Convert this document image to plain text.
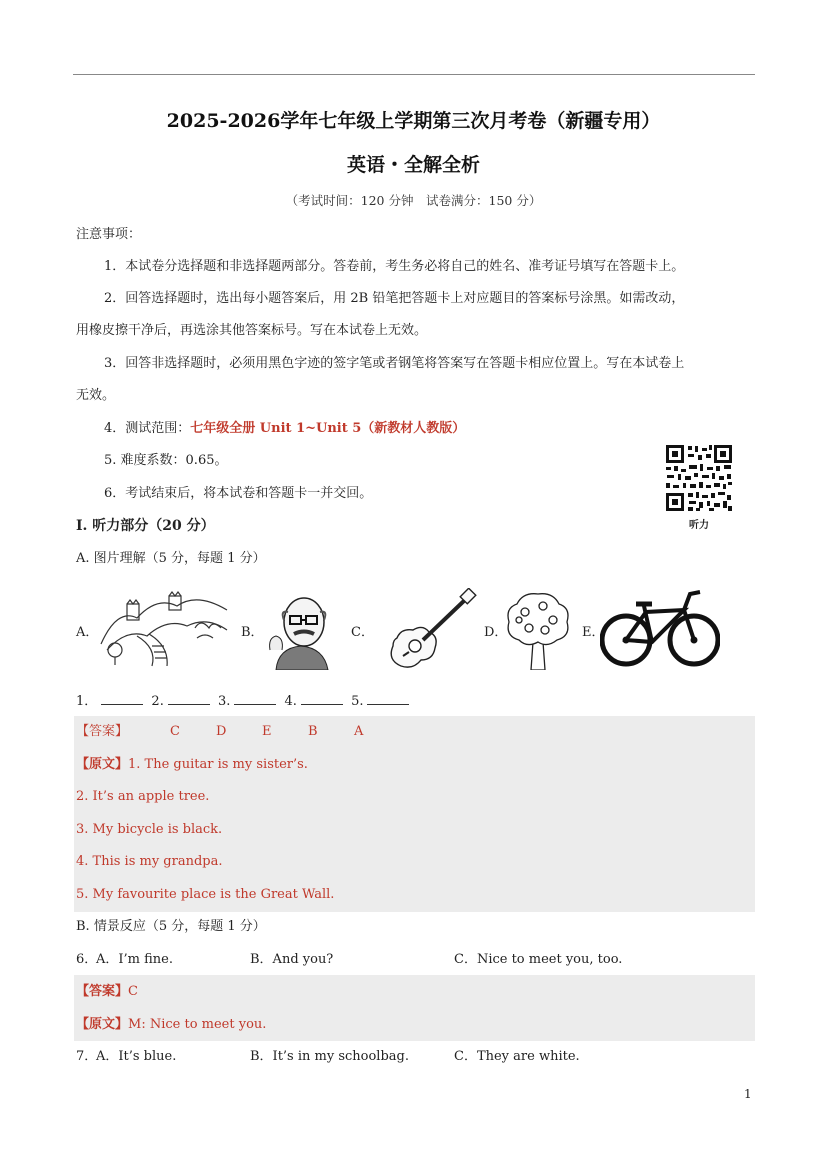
2025-2026学年七年级上学期第三次月考卷（新疆专用）
英语・全解全析
（考试时间：120 分钟　试卷满分：150 分）
注意事项：
1．本试卷分选择题和非选择题两部分。答卷前，考生务必将自己的姓名、准考证号填写在答题卡上。
2．回答选择题时，选出每小题答案后，用 2B 铅笔把答题卡上对应题目的答案标号涂黑。如需改动，
用橡皮擦干净后，再选涂其他答案标号。写在本试卷上无效。
3．回答非选择题时，必须用黑色字迹的签字笔或者钢笔将答案写在答题卡相应位置上。写在本试卷上
无效。
4．测试范围：七年级全册 Unit 1~Unit 5（新教材人教版）
5. 难度系数：0.65。
6．考试结束后，将本试卷和答题卡一并交回。
听力
I. 听力部分（20 分）
A. 图片理解（5 分，每题 1 分）
A．	B．	C．	D．	E．
1．	2.	3.	4.	5.
【答案】	C	D	E	B	A
【原文】1. The guitar is my sister’s.
2. It’s an apple tree.
3. My bicycle is black.
4. This is my grandpa.
5. My favourite place is the Great Wall.
B. 情景反应（5 分，每题 1 分）
6．
A．I’m fine.	B．And you?	C．Nice to meet you, too.
【答案】C
【原文】M: Nice to meet you.
7．
A．It’s blue.	B．It’s in my schoolbag.	C．They are white.
1
